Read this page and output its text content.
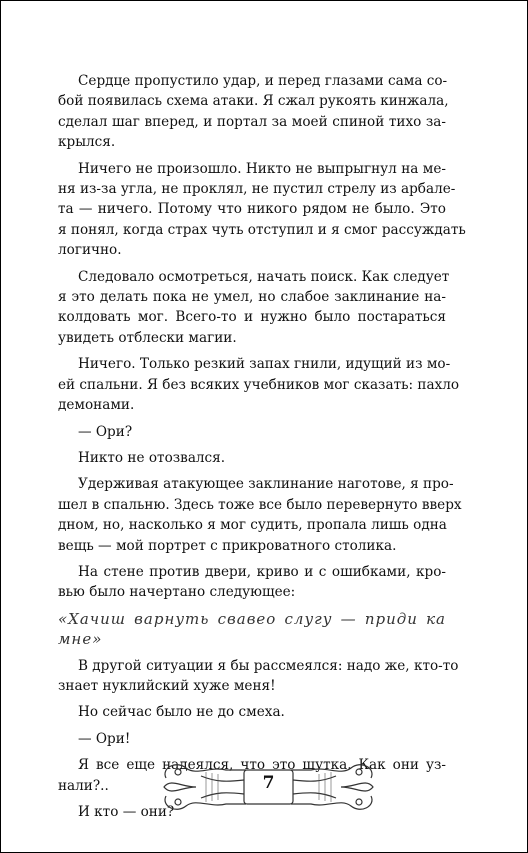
Сердце пропустило удар, и перед глазами сама со-
бой появилась схема атаки. Я сжал рукоять кинжала,
сделал шаг вперед, и портал за моей спиной тихо за-
крылся.
Ничего не произошло. Никто не выпрыгнул на ме-
ня из-за угла, не проклял, не пустил стрелу из арбале-
та — ничего. Потому что никого рядом не было. Это
я понял, когда страх чуть отступил и я смог рассуждать
логично.
Следовало осмотреться, начать поиск. Как следует
я это делать пока не умел, но слабое заклинание на-
колдовать мог. Всего-то и нужно было постараться
увидеть отблески магии.
Ничего. Только резкий запах гнили, идущий из мо-
ей спальни. Я без всяких учебников мог сказать: пахло
демонами.
— Ори?
Никто не отозвался.
Удерживая атакующее заклинание наготове, я про-
шел в спальню. Здесь тоже все было перевернуто вверх
дном, но, насколько я мог судить, пропала лишь одна
вещь — мой портрет с прикроватного столика.
На стене против двери, криво и с ошибками, кро-
вью было начертано следующее:
«Хачиш варнуть свавео слугу — приди ка
мне»
В другой ситуации я бы рассмеялся: надо же, кто-то
знает нуклийский хуже меня!
Но сейчас было не до смеха.
— Ори!
Я все еще надеялся, что это шутка. Как они уз-
нали?..
И кто — они?
7
